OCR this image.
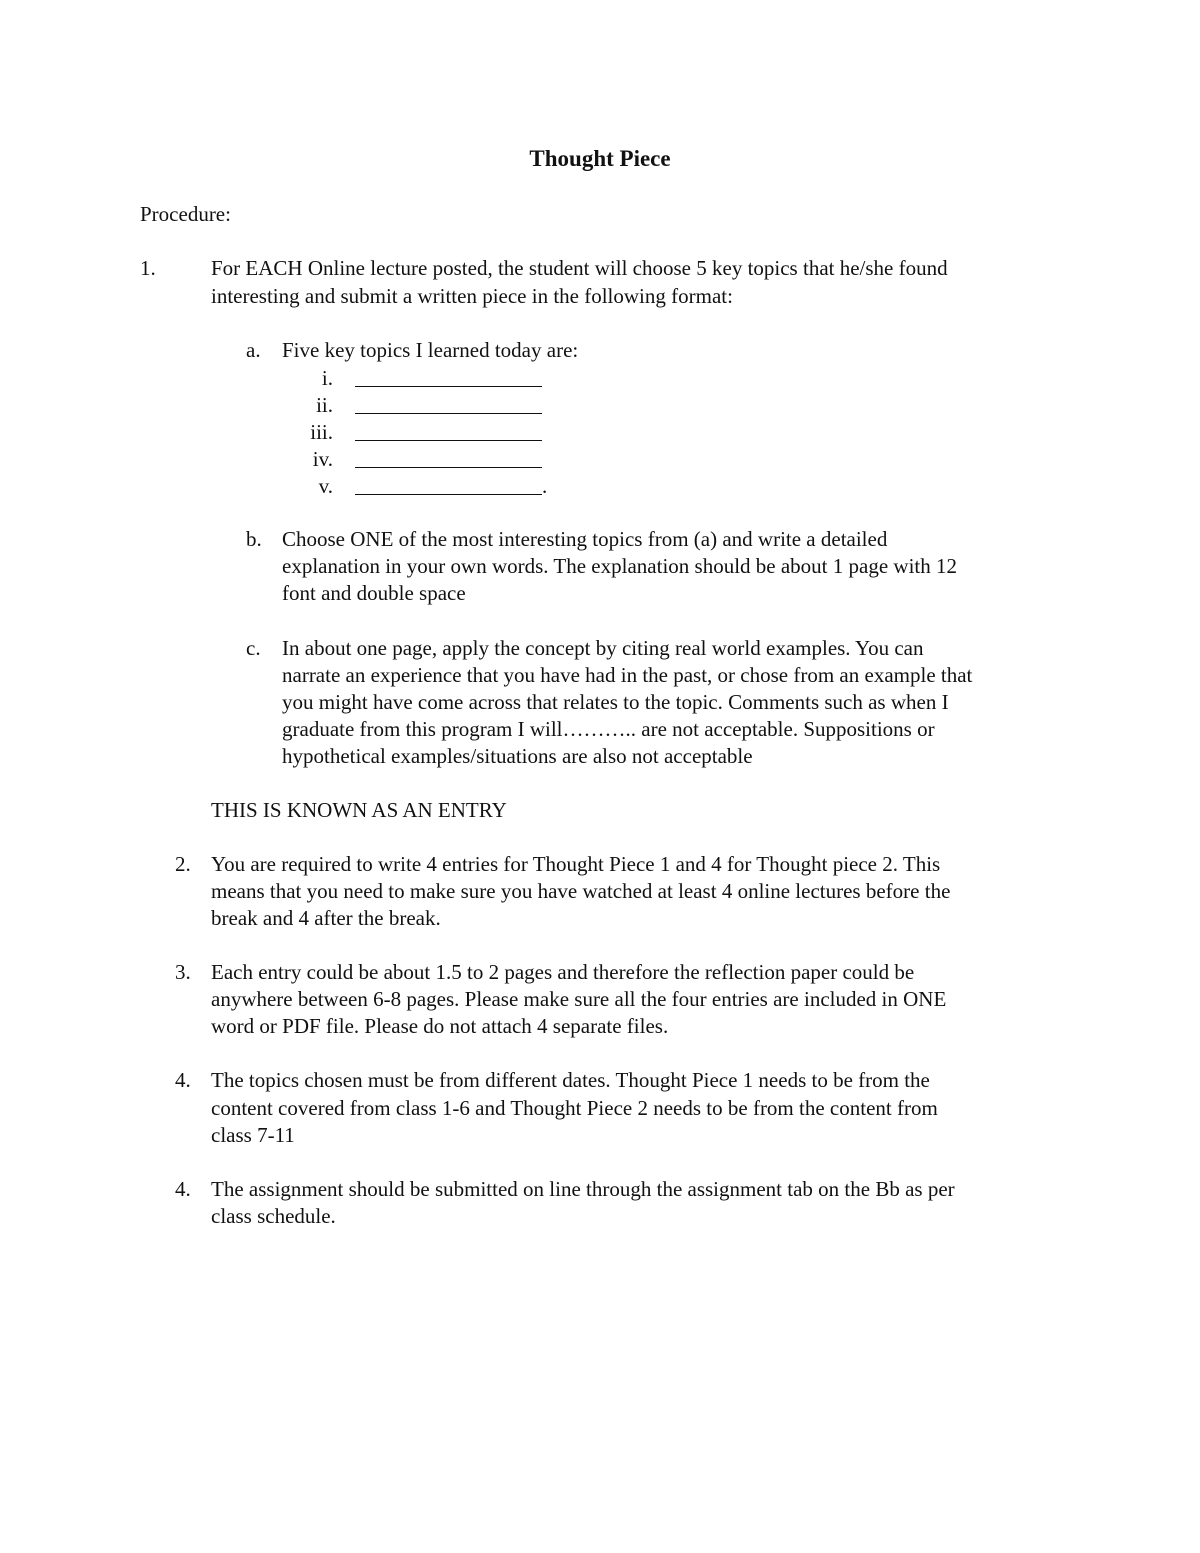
Thought Piece

Procedure:

1.	For EACH Online lecture posted, the student will choose 5 key topics that he/she found

interesting and submit a written piece in the following format:

a. Five key topics I learned today are:

i.
ii.
iii.
iv.
v.	.

b. Choose ONE of the most interesting topics from (a) and write a detailed

explanation in your own words. The explanation should be about 1 page with 12

font and double space

c. In about one page, apply the concept by citing real world examples. You can

narrate an experience that you have had in the past, or chose from an example that

you might have come across that relates to the topic. Comments such as when I

graduate from this program I will……….. are not acceptable. Suppositions or

hypothetical examples/situations are also not acceptable

THIS IS KNOWN AS AN ENTRY

2. You are required to write 4 entries for Thought Piece 1 and 4 for Thought piece 2. This

means that you need to make sure you have watched at least 4 online lectures before the

break and 4 after the break.

3. Each entry could be about 1.5 to 2 pages and therefore the reflection paper could be

anywhere between 6-8 pages. Please make sure all the four entries are included in ONE

word or PDF file. Please do not attach 4 separate files.

4. The topics chosen must be from different dates. Thought Piece 1 needs to be from the

content covered from class 1-6 and Thought Piece 2 needs to be from the content from

class 7-11

4. The assignment should be submitted on line through the assignment tab on the Bb as per

class schedule.
